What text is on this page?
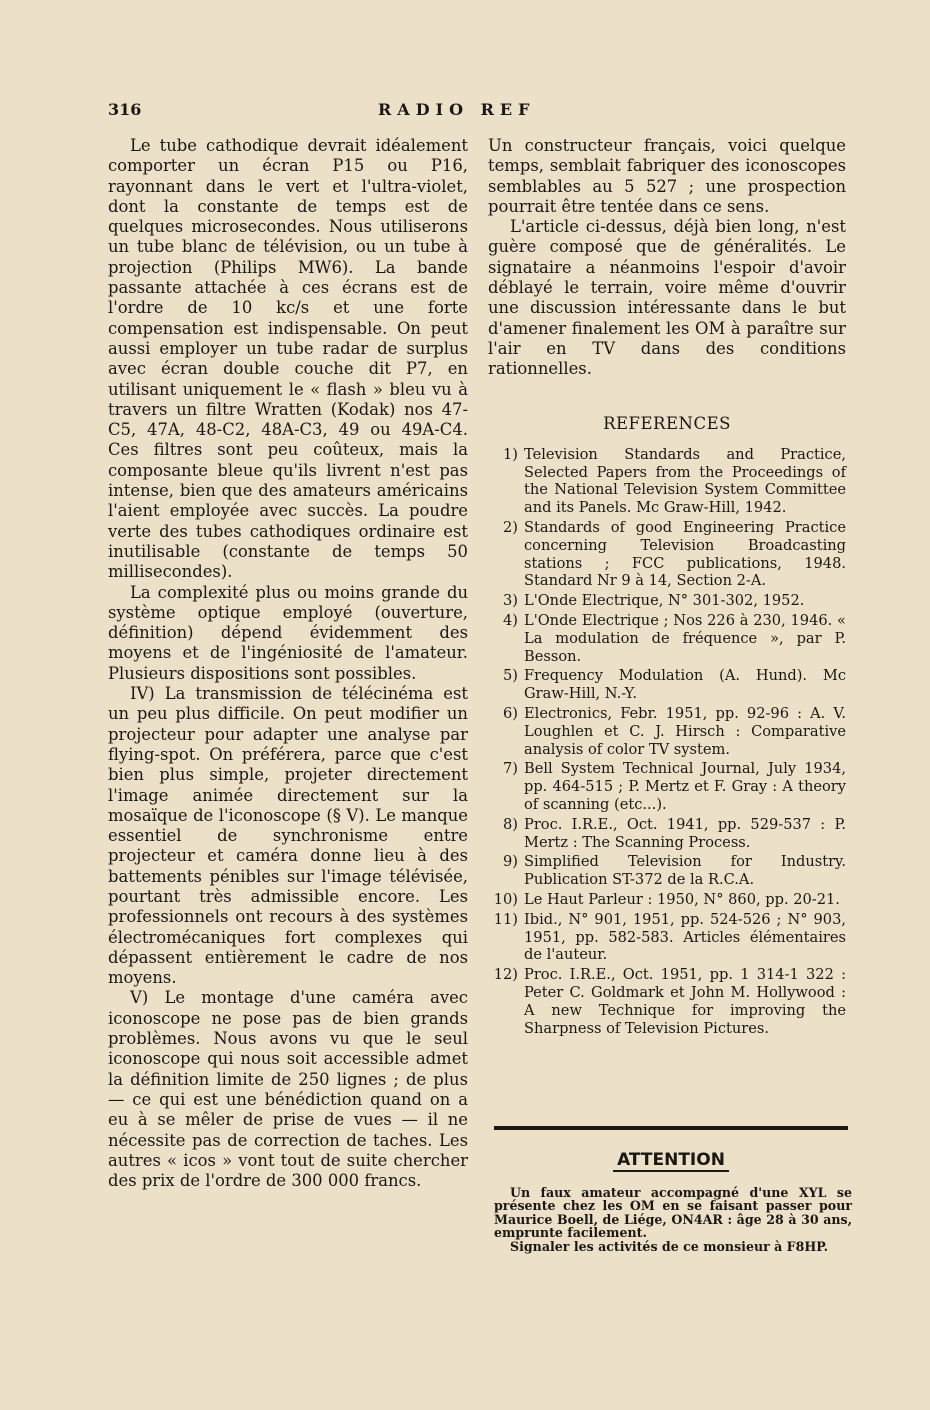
316	RADIO REF

Le tube cathodique devrait idéalement comporter un écran P15 ou P16, rayonnant dans le vert et l'ultra-violet, dont la constante de temps est de quelques microsecondes. Nous utiliserons un tube blanc de télévision, ou un tube à projection (Philips MW6). La bande passante attachée à ces écrans est de l'ordre de 10 kc/s et une forte compensation est indispensable. On peut aussi employer un tube radar de surplus avec écran double couche dit P7, en utilisant uniquement le « flash » bleu vu à travers un filtre Wratten (Kodak) nos 47-C5, 47A, 48-C2, 48A-C3, 49 ou 49A-C4. Ces filtres sont peu coûteux, mais la composante bleue qu'ils livrent n'est pas intense, bien que des amateurs américains l'aient employée avec succès. La poudre verte des tubes cathodiques ordinaire est inutilisable (constante de temps 50 millisecondes).

La complexité plus ou moins grande du système optique employé (ouverture, définition) dépend évidemment des moyens et de l'ingéniosité de l'amateur. Plusieurs dispositions sont possibles.

IV) La transmission de télécinéma est un peu plus difficile. On peut modifier un projecteur pour adapter une analyse par flying-spot. On préférera, parce que c'est bien plus simple, projeter directement l'image animée directement sur la mosaïque de l'iconoscope (§ V). Le manque essentiel de synchronisme entre projecteur et caméra donne lieu à des battements pénibles sur l'image télévisée, pourtant très admissible encore. Les professionnels ont recours à des systèmes électromécaniques fort complexes qui dépassent entièrement le cadre de nos moyens.

V) Le montage d'une caméra avec iconoscope ne pose pas de bien grands problèmes. Nous avons vu que le seul iconoscope qui nous soit accessible admet la définition limite de 250 lignes ; de plus — ce qui est une bénédiction quand on a eu à se mêler de prise de vues — il ne nécessite pas de correction de taches. Les autres « icos » vont tout de suite chercher des prix de l'ordre de 300 000 francs.

Un constructeur français, voici quelque temps, semblait fabriquer des iconoscopes semblables au 5 527 ; une prospection pourrait être tentée dans ce sens.

L'article ci-dessus, déjà bien long, n'est guère composé que de généralités. Le signataire a néanmoins l'espoir d'avoir déblayé le terrain, voire même d'ouvrir une discussion intéressante dans le but d'amener finalement les OM à paraître sur l'air en TV dans des conditions rationnelles.

REFERENCES
1) Television Standards and Practice, Selected Papers from the Proceedings of the National Television System Committee and its Panels. Mc Graw-Hill, 1942.
2) Standards of good Engineering Practice concerning Television Broadcasting stations ; FCC publications, 1948. Standard Nr 9 à 14, Section 2-A.
3) L'Onde Electrique, N° 301-302, 1952.
4) L'Onde Electrique ; Nos 226 à 230, 1946. « La modulation de fréquence », par P. Besson.
5) Frequency Modulation (A. Hund). Mc Graw-Hill, N.-Y.
6) Electronics, Febr. 1951, pp. 92-96 : A. V. Loughlen et C. J. Hirsch : Comparative analysis of color TV system.
7) Bell System Technical Journal, July 1934, pp. 464-515 ; P. Mertz et F. Gray : A theory of scanning (etc...).
8) Proc. I.R.E., Oct. 1941, pp. 529-537 : P. Mertz : The Scanning Process.
9) Simplified Television for Industry. Publication ST-372 de la R.C.A.
10) Le Haut Parleur : 1950, N° 860, pp. 20-21.
11) Ibid., N° 901, 1951, pp. 524-526 ; N° 903, 1951, pp. 582-583. Articles élémentaires de l'auteur.
12) Proc. I.R.E., Oct. 1951, pp. 1 314-1 322 : Peter C. Goldmark et John M. Hollywood : A new Technique for improving the Sharpness of Television Pictures.
ATTENTION

Un faux amateur accompagné d'une XYL se présente chez les OM en se faisant passer pour Maurice Boell, de Liége, ON4AR : âge 28 à 30 ans, emprunte facilement.

Signaler les activités de ce monsieur à F8HP.
